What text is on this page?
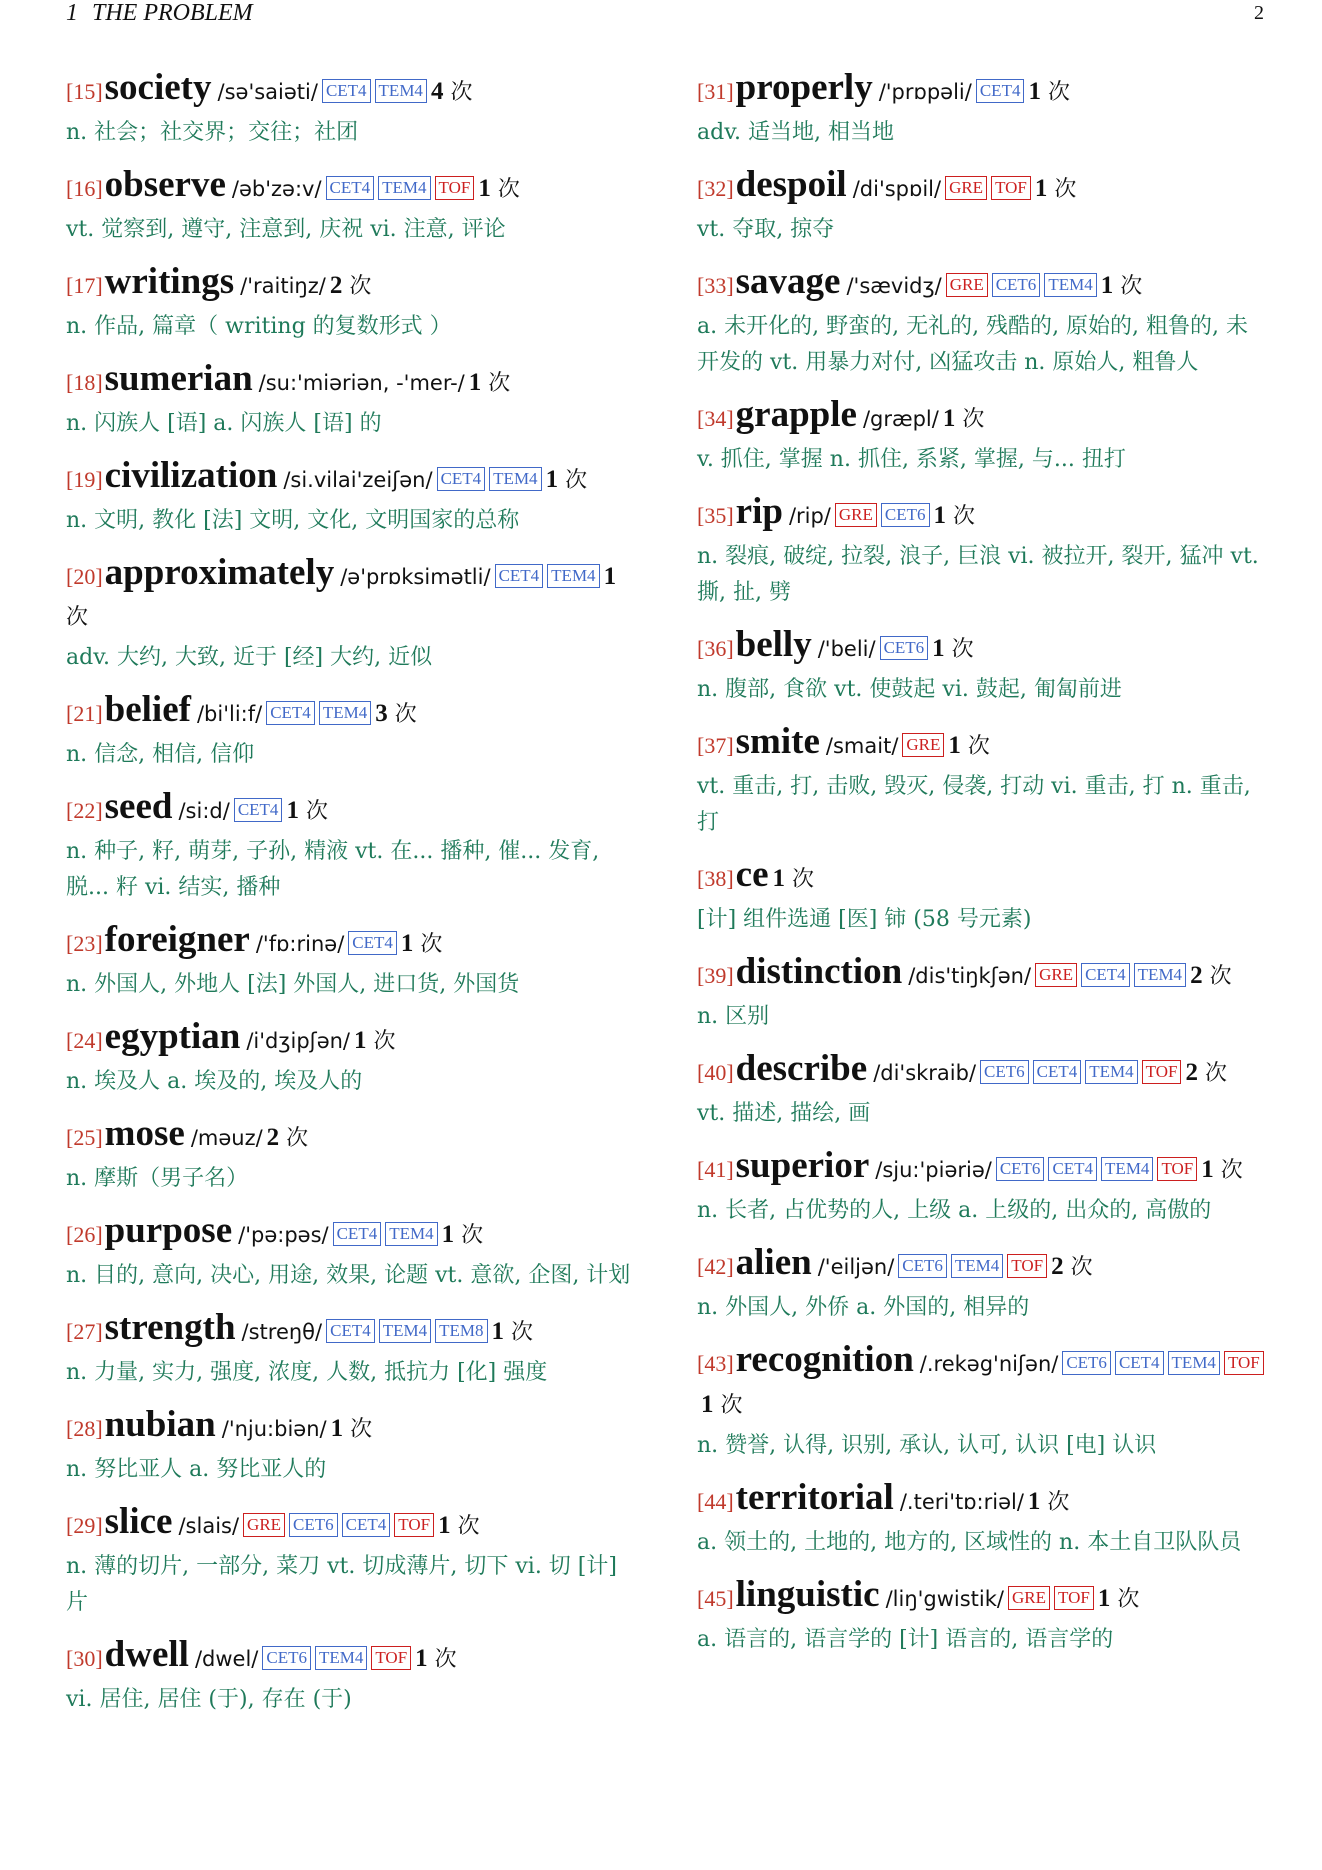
1 THE PROBLEM	2
[15]society /sə'saiəti/ CET4 TEM4 4 次
n. 社会；社交界；交往；社团
[16]observe /əb'zə:v/ CET4 TEM4 TOF 1 次
vt. 觉察到, 遵守, 注意到, 庆祝 vi. 注意, 评论
[17]writings /'raitiŋz/ 2 次
n. 作品, 篇章（ writing 的复数形式 ）
[18]sumerian /su:'miəriən, -'mer-/ 1 次
n. 闪族人 [语] a. 闪族人 [语] 的
[19]civilization /si.vilai'zeiʃən/ CET4 TEM4 1 次
n. 文明, 教化 [法] 文明, 文化, 文明国家的总称
[20]approximately /ə'prɒksimətli/ CET4 TEM4 1 次
adv. 大约, 大致, 近于 [经] 大约, 近似
[21]belief /bi'li:f/ CET4 TEM4 3 次
n. 信念, 相信, 信仰
[22]seed /si:d/ CET4 1 次
n. 种子, 籽, 萌芽, 子孙, 精液 vt. 在... 播种, 催... 发育, 脱... 籽 vi. 结实, 播种
[23]foreigner /'fɒ:rinə/ CET4 1 次
n. 外国人, 外地人 [法] 外国人, 进口货, 外国货
[24]egyptian /i'dʒipʃən/ 1 次
n. 埃及人 a. 埃及的, 埃及人的
[25]mose /məuz/ 2 次
n. 摩斯（男子名）
[26]purpose /'pə:pəs/ CET4 TEM4 1 次
n. 目的, 意向, 决心, 用途, 效果, 论题 vt. 意欲, 企图, 计划
[27]strength /streŋθ/ CET4 TEM4 TEM8 1 次
n. 力量, 实力, 强度, 浓度, 人数, 抵抗力 [化] 强度
[28]nubian /'nju:biən/ 1 次
n. 努比亚人 a. 努比亚人的
[29]slice /slais/ GRE CET6 CET4 TOF 1 次
n. 薄的切片, 一部分, 菜刀 vt. 切成薄片, 切下 vi. 切 [计] 片
[30]dwell /dwel/ CET6 TEM4 TOF 1 次
vi. 居住, 居住 (于), 存在 (于)
[31]properly /'prɒpəli/ CET4 1 次
adv. 适当地, 相当地
[32]despoil /di'spɒil/ GRE TOF 1 次
vt. 夺取, 掠夺
[33]savage /'sævidʒ/ GRE CET6 TEM4 1 次
a. 未开化的, 野蛮的, 无礼的, 残酷的, 原始的, 粗鲁的, 未开发的 vt. 用暴力对付, 凶猛攻击 n. 原始人, 粗鲁人
[34]grapple /græpl/ 1 次
v. 抓住, 掌握 n. 抓住, 系紧, 掌握, 与... 扭打
[35]rip /rip/ GRE CET6 1 次
n. 裂痕, 破绽, 拉裂, 浪子, 巨浪 vi. 被拉开, 裂开, 猛冲 vt. 撕, 扯, 劈
[36]belly /'beli/ CET6 1 次
n. 腹部, 食欲 vt. 使鼓起 vi. 鼓起, 匍匐前进
[37]smite /smait/ GRE 1 次
vt. 重击, 打, 击败, 毁灭, 侵袭, 打动 vi. 重击, 打 n. 重击, 打
[38]ce 1 次
[计] 组件选通 [医] 铈 (58 号元素)
[39]distinction /dis'tiŋkʃən/ GRE CET4 TEM4 2 次
n. 区别
[40]describe /di'skraib/ CET6 CET4 TEM4 TOF 2 次
vt. 描述, 描绘, 画
[41]superior /sju:'piəriə/ CET6 CET4 TEM4 TOF 1 次
n. 长者, 占优势的人, 上级 a. 上级的, 出众的, 高傲的
[42]alien /'eiljən/ CET6 TEM4 TOF 2 次
n. 外国人, 外侨 a. 外国的, 相异的
[43]recognition /.rekəg'niʃən/ CET6 CET4 TEM4 TOF1 次
n. 赞誉, 认得, 识别, 承认, 认可, 认识 [电] 认识
[44]territorial /.teri'tɒ:riəl/ 1 次
a. 领土的, 土地的, 地方的, 区域性的 n. 本土自卫队队员
[45]linguistic /liŋ'gwistik/ GRE TOF 1 次
a. 语言的, 语言学的 [计] 语言的, 语言学的
